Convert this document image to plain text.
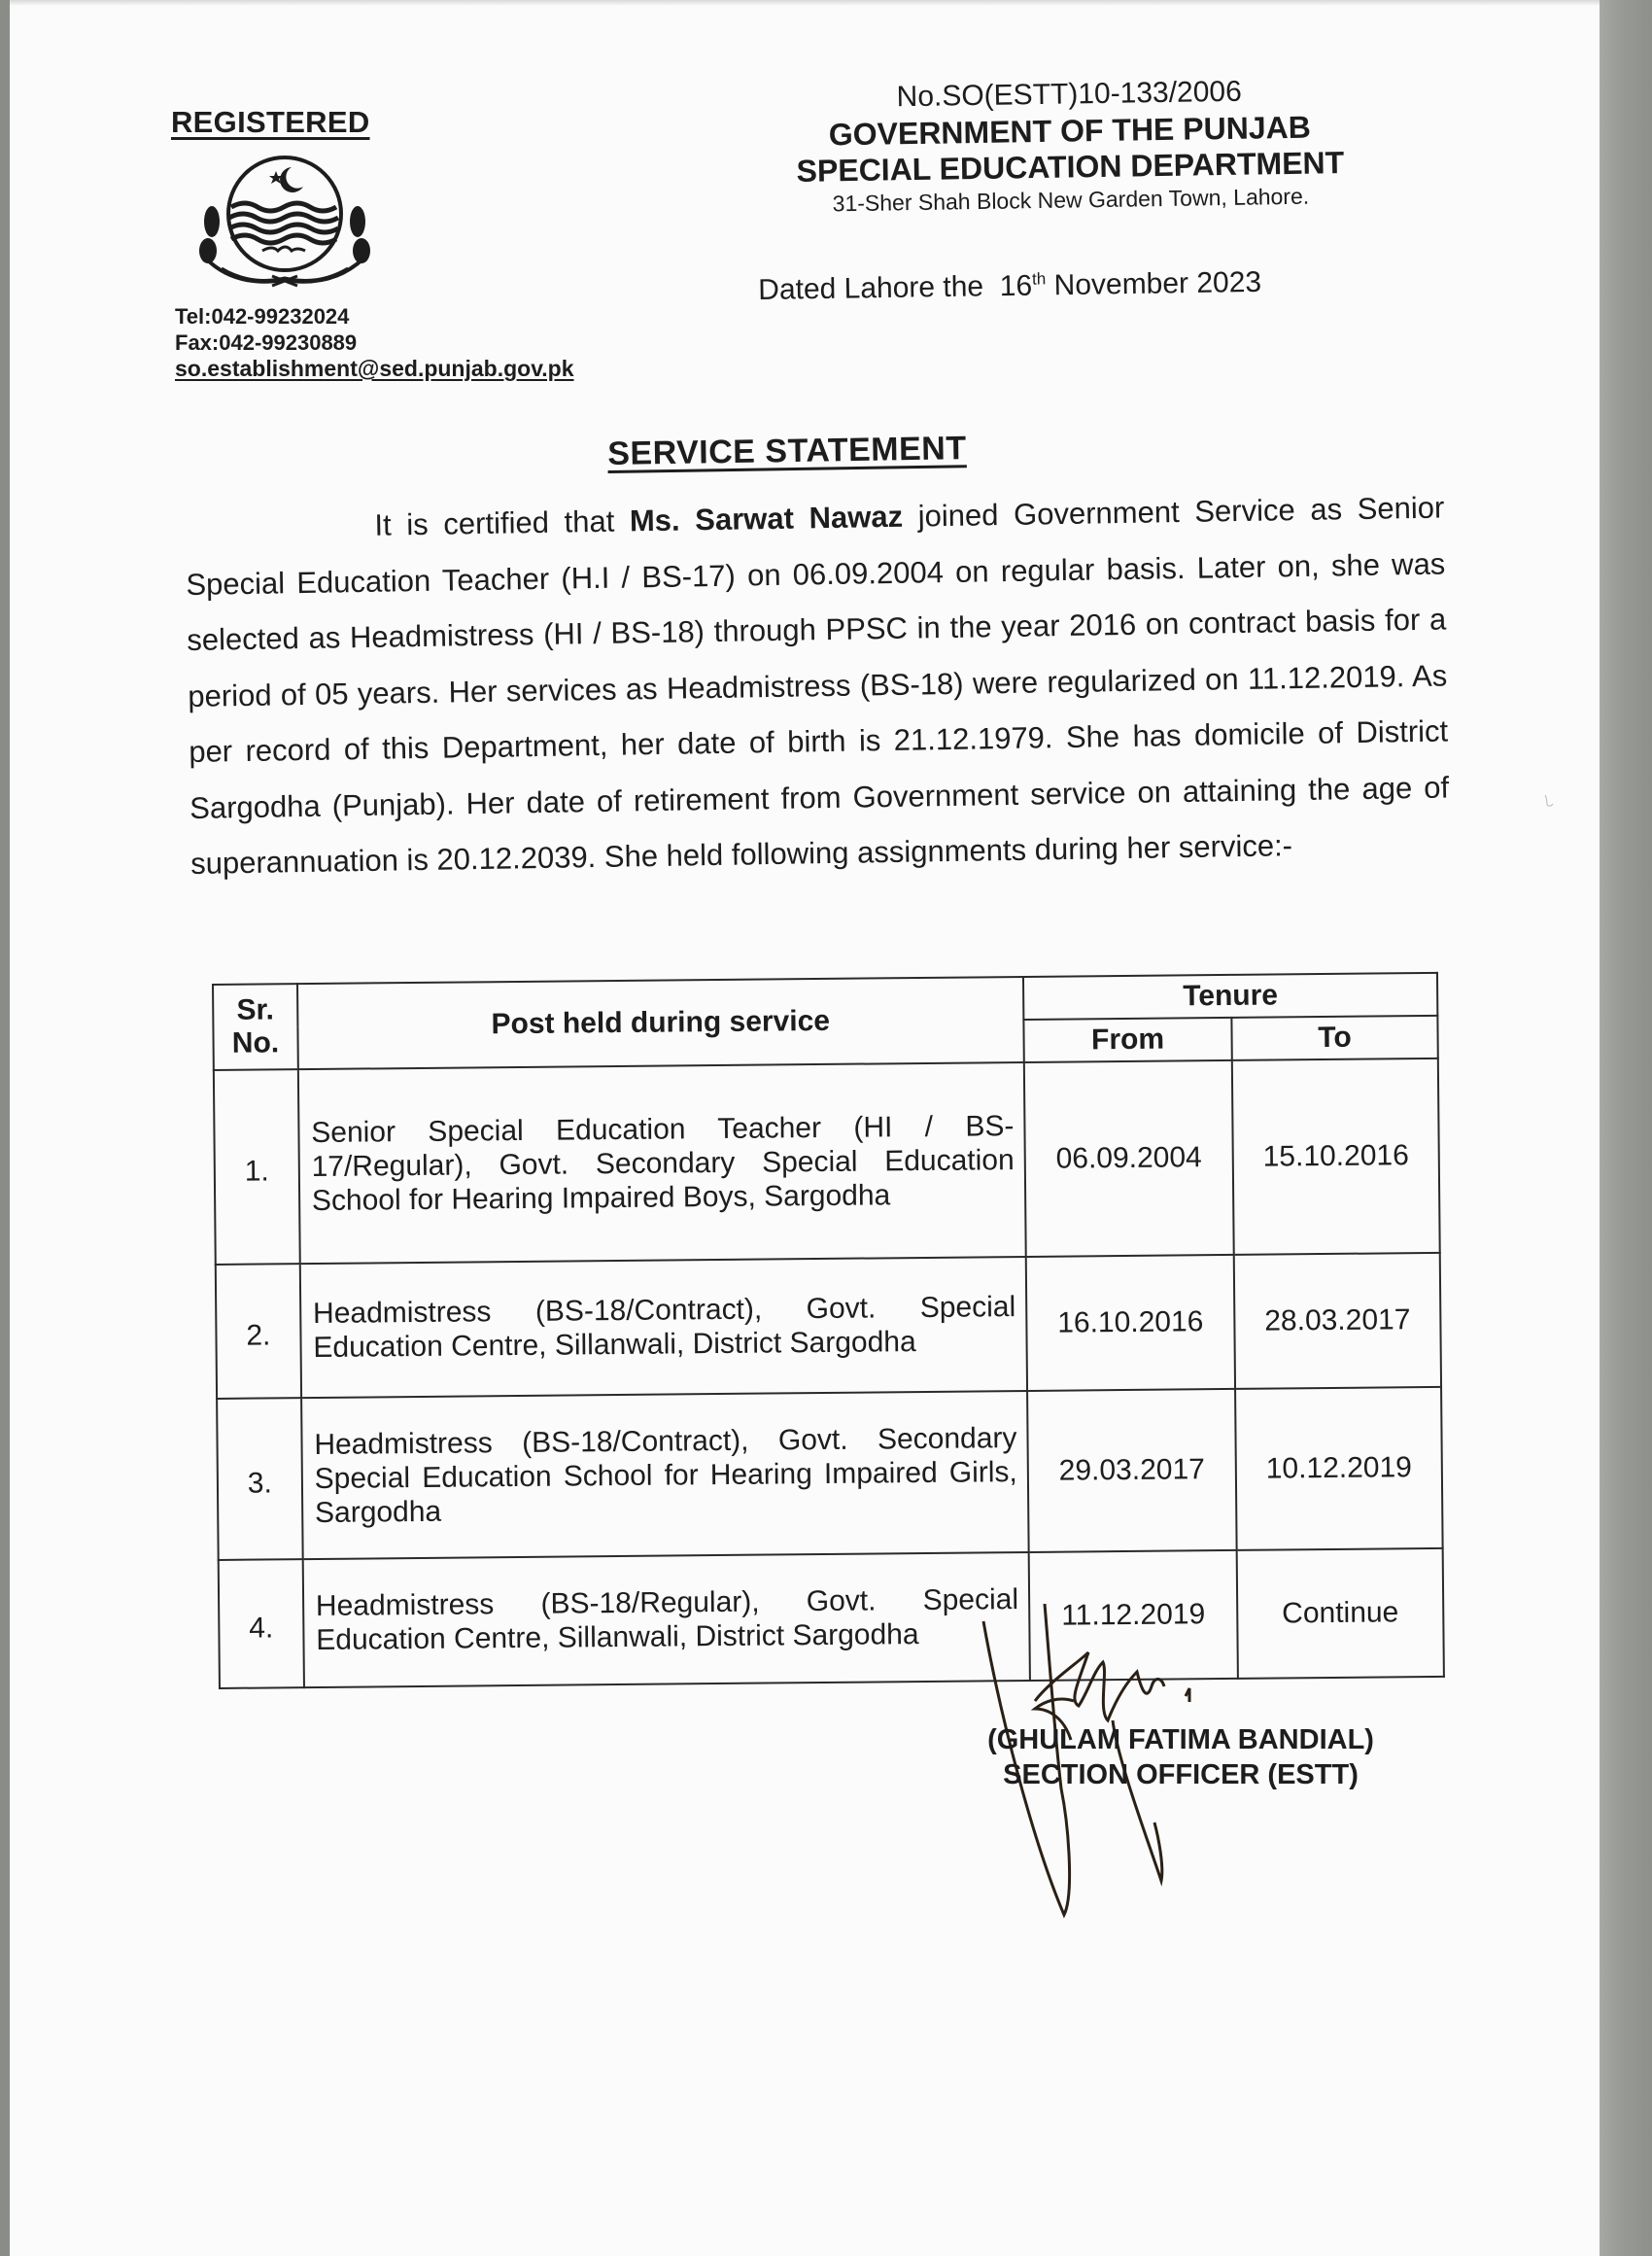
REGISTERED
Tel:042-99232024
Fax:042-99230889
so.establishment@sed.punjab.gov.pk
No.SO(ESTT)10-133/2006
GOVERNMENT OF THE PUNJAB
SPECIAL EDUCATION DEPARTMENT
31-Sher Shah Block New Garden Town, Lahore.
Dated Lahore the 16th November 2023
SERVICE STATEMENT
It is certified that Ms. Sarwat Nawaz joined Government Service as Senior Special Education Teacher (H.I / BS-17) on 06.09.2004 on regular basis. Later on, she was selected as Headmistress (HI / BS-18) through PPSC in the year 2016 on contract basis for a period of 05 years. Her services as Headmistress (BS-18) were regularized on 11.12.2019. As per record of this Department, her date of birth is 21.12.1979. She has domicile of District Sargodha (Punjab). Her date of retirement from Government service on attaining the age of superannuation is 20.12.2039. She held following assignments during her service:-
Sr. No.	Post held during service	Tenure	
		From	To
1.	Senior Special Education Teacher (HI / BS-17/Regular), Govt. Secondary Special Education School for Hearing Impaired Boys, Sargodha	06.09.2004	15.10.2016
2.	Headmistress (BS-18/Contract), Govt. Special Education Centre, Sillanwali, District Sargodha	16.10.2016	28.03.2017
3.	Headmistress (BS-18/Contract), Govt. Secondary Special Education School for Hearing Impaired Girls, Sargodha	29.03.2017	10.12.2019
4.	Headmistress (BS-18/Regular), Govt. Special Education Centre, Sillanwali, District Sargodha	11.12.2019	Continue
(GHULAM FATIMA BANDIAL)
SECTION OFFICER (ESTT)
